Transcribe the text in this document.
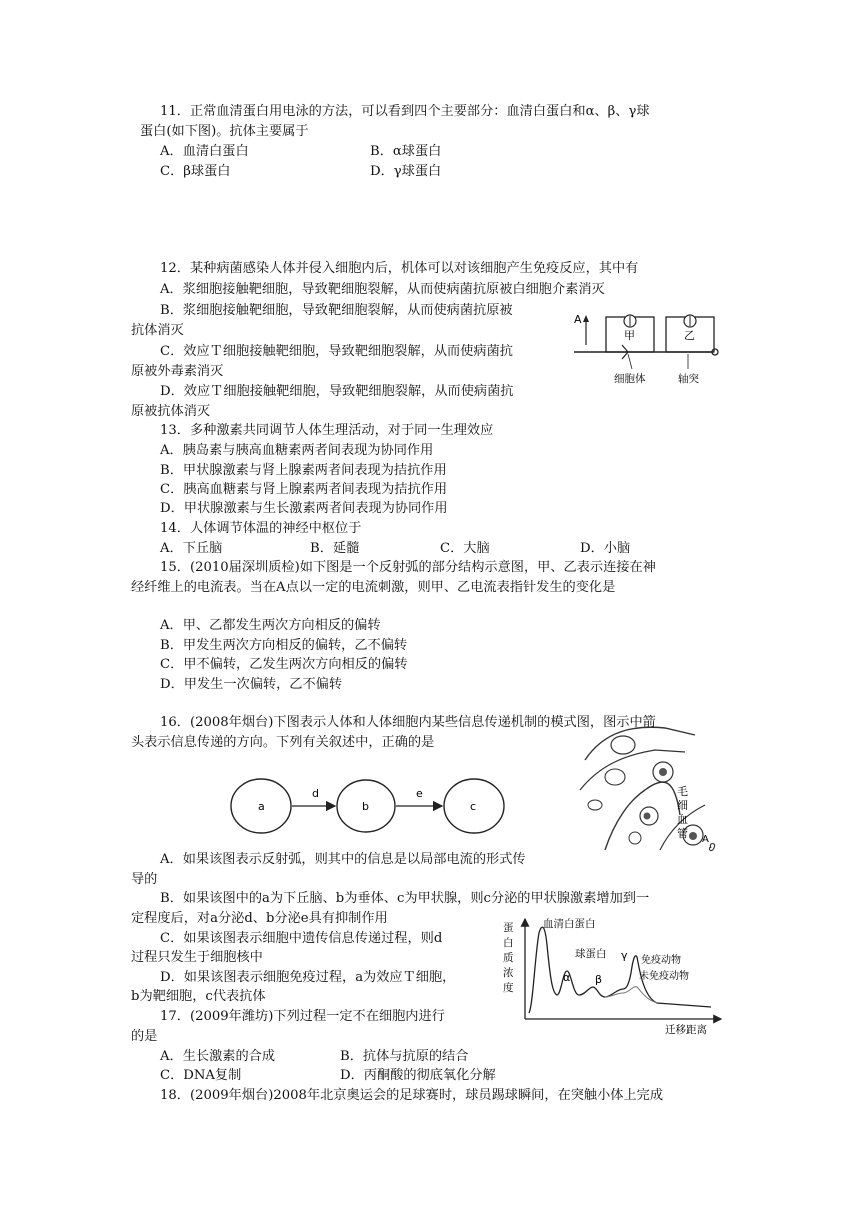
11．正常血清蛋白用电泳的方法，可以看到四个主要部分：血清白蛋白和α、β、γ球
蛋白(如下图)。抗体主要属于
A．血清白蛋白	B．α球蛋白
C．β球蛋白	D．γ球蛋白
12．某种病菌感染人体并侵入细胞内后，机体可以对该细胞产生免疫反应，其中有
A．浆细胞接触靶细胞，导致靶细胞裂解，从而使病菌抗原被白细胞介素消灭
B．浆细胞接触靶细胞，导致靶细胞裂解，从而使病菌抗原被
抗体消灭
C．效应Ｔ细胞接触靶细胞，导致靶细胞裂解，从而使病菌抗
原被外毒素消灭
D．效应Ｔ细胞接触靶细胞，导致靶细胞裂解，从而使病菌抗
原被抗体消灭
A
甲	乙
细胞体	轴突
13．多种激素共同调节人体生理活动，对于同一生理效应
A．胰岛素与胰高血糖素两者间表现为协同作用
B．甲状腺激素与肾上腺素两者间表现为拮抗作用
C．胰高血糖素与肾上腺素两者间表现为拮抗作用
D．甲状腺激素与生长激素两者间表现为协同作用
14．人体调节体温的神经中枢位于
A．下丘脑	B．延髓	C．大脑	D．小脑
15．(2010届深圳质检)如下图是一个反射弧的部分结构示意图，甲、乙表示连接在神
经纤维上的电流表。当在A点以一定的电流刺激，则甲、乙电流表指针发生的变化是
A．甲、乙都发生两次方向相反的偏转
B．甲发生两次方向相反的偏转，乙不偏转
C．甲不偏转，乙发生两次方向相反的偏转
D．甲发生一次偏转，乙不偏转
16．(2008年烟台)下图表示人体和人体细胞内某些信息传递机制的模式图，图示中箭
头表示信息传递的方向。下列有关叙述中，正确的是
a	b	c
d	e	毛
细
血
管 A
A．如果该图表示反射弧，则其中的信息是以局部电流的形式传
导的
B．如果该图中的a为下丘脑、b为垂体、c为甲状腺，则c分泌的甲状腺激素增加到一
定程度后，对a分泌d、b分泌e具有抑制作用
C．如果该图表示细胞中遗传信息传递过程，则d
过程只发生于细胞核中
D．如果该图表示细胞免疫过程，a为效应Ｔ细胞，
b为靶细胞，c代表抗体
蛋
白
质
浓
度
血清白蛋白
球蛋白
α β
γ 免疫动物
未免疫动物
迁移距离
17．(2009年潍坊)下列过程一定不在细胞内进行
的是
A．生长激素的合成	B．抗体与抗原的结合
C．DNA复制	D．丙酮酸的彻底氧化分解
18．(2009年烟台)2008年北京奥运会的足球赛时，球员踢球瞬间，在突触小体上完成
